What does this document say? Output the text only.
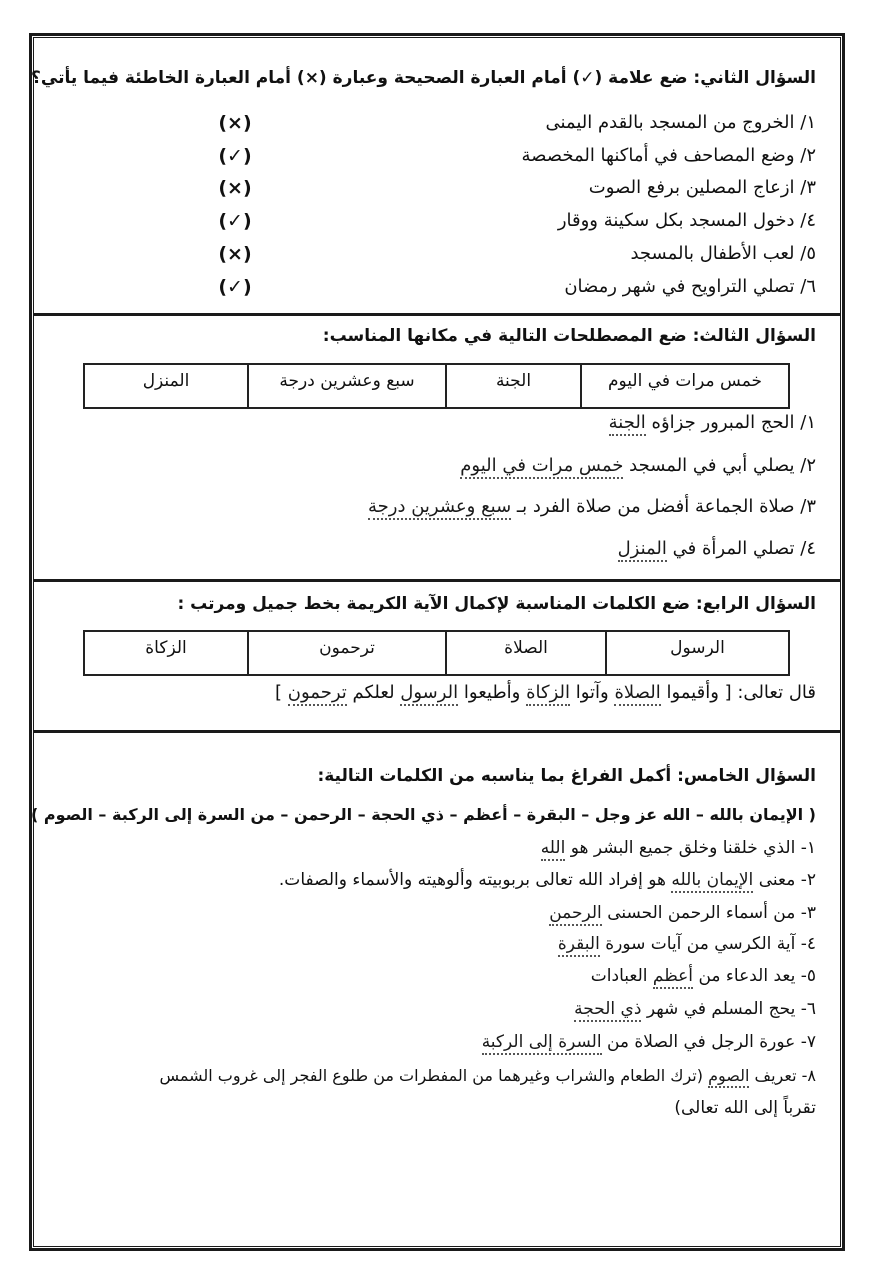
السؤال الثاني: ضع علامة (✓) أمام العبارة الصحيحة وعبارة (×) أمام العبارة الخاطئة فيما يأتي؟
١/ الخروج من المسجد بالقدم اليمنى
(×)
٢/ وضع المصاحف في أماكنها المخصصة
(✓)
٣/ ازعاج المصلين برفع الصوت
(×)
٤/ دخول المسجد بكل سكينة ووقار
(✓)
٥/ لعب الأطفال بالمسجد
(×)
٦/ تصلي التراويح في شهر رمضان
(✓)
السؤال الثالث: ضع المصطلحات التالية في مكانها المناسب:
خمس مرات في اليوم
الجنة
سبع وعشرين درجة
المنزل
١/ الحج المبرور جزاؤه الجنة
٢/ يصلي أبي في المسجد خمس مرات في اليوم
٣/ صلاة الجماعة أفضل من صلاة الفرد بـ سبع وعشرين درجة
٤/ تصلي المرأة في المنزل
السؤال الرابع: ضع الكلمات المناسبة لإكمال الآية الكريمة بخط جميل ومرتب :
الرسول
الصلاة
ترحمون
الزكاة
قال تعالى: [ وأقيموا الصلاة وآتوا الزكاة وأطيعوا الرسول لعلكم ترحمون ]
السؤال الخامس: أكمل الفراغ بما يناسبه من الكلمات التالية:
( الإيمان بالله – الله عز وجل – البقرة – أعظم – ذي الحجة – الرحمن – من السرة إلى الركبة – الصوم )
١- الذي خلقنا وخلق جميع البشر هو الله
٢- معنى الإيمان بالله هو إفراد الله تعالى بربوبيته وألوهيته والأسماء والصفات.
٣- من أسماء الرحمن الحسنى الرحمن
٤- آية الكرسي من آيات سورة البقرة
٥- يعد الدعاء من أعظم العبادات
٦- يحج المسلم في شهر ذي الحجة
٧- عورة الرجل في الصلاة من السرة إلى الركبة
٨- تعريف الصوم (ترك الطعام والشراب وغيرهما من المفطرات من طلوع الفجر إلى غروب الشمس
تقرباً إلى الله تعالى)
